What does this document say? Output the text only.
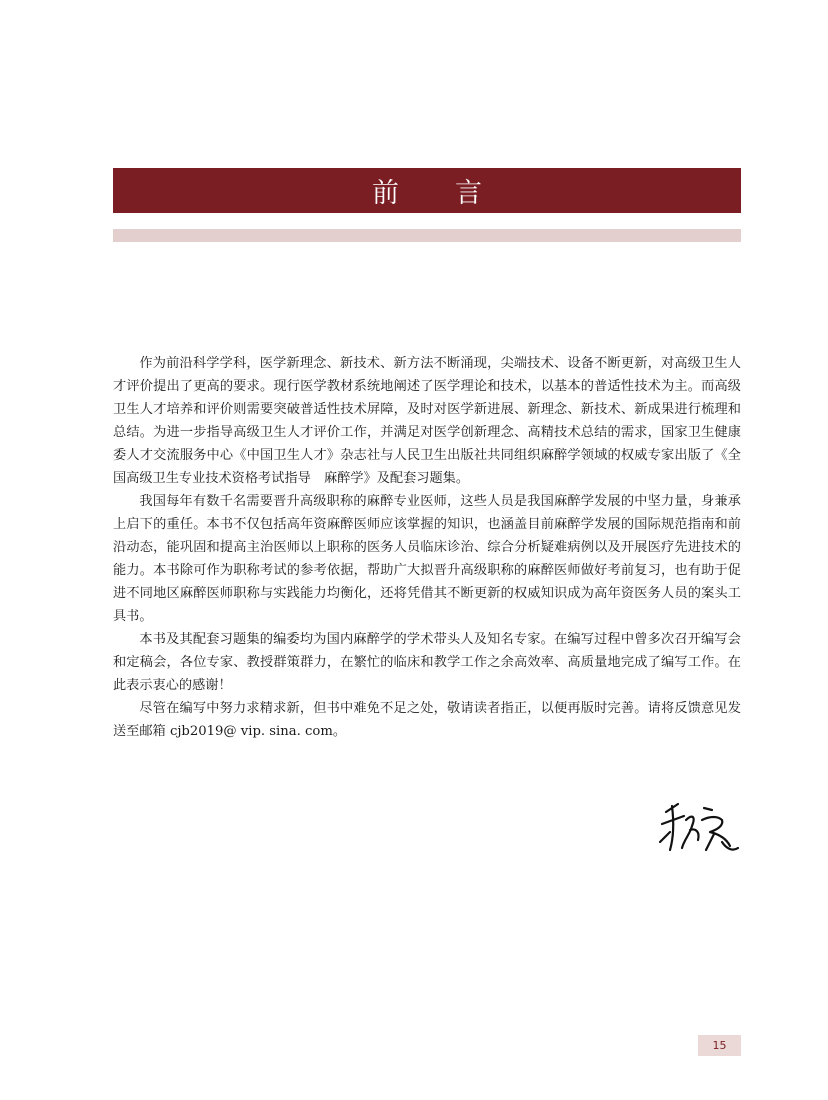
前言

作为前沿科学学科，医学新理念、新技术、新方法不断涌现，尖端技术、设备不断更新，对高级卫生人才评价提出了更高的要求。现行医学教材系统地阐述了医学理论和技术，以基本的普适性技术为主。而高级卫生人才培养和评价则需要突破普适性技术屏障，及时对医学新进展、新理念、新技术、新成果进行梳理和总结。为进一步指导高级卫生人才评价工作，并满足对医学创新理念、高精技术总结的需求，国家卫生健康委人才交流服务中心《中国卫生人才》杂志社与人民卫生出版社共同组织麻醉学领域的权威专家出版了《全国高级卫生专业技术资格考试指导　麻醉学》及配套习题集。

我国每年有数千名需要晋升高级职称的麻醉专业医师，这些人员是我国麻醉学发展的中坚力量，身兼承上启下的重任。本书不仅包括高年资麻醉医师应该掌握的知识，也涵盖目前麻醉学发展的国际规范指南和前沿动态，能巩固和提高主治医师以上职称的医务人员临床诊治、综合分析疑难病例以及开展医疗先进技术的能力。本书除可作为职称考试的参考依据，帮助广大拟晋升高级职称的麻醉医师做好考前复习，也有助于促进不同地区麻醉医师职称与实践能力均衡化，还将凭借其不断更新的权威知识成为高年资医务人员的案头工具书。

本书及其配套习题集的编委均为国内麻醉学的学术带头人及知名专家。在编写过程中曾多次召开编写会和定稿会，各位专家、教授群策群力，在繁忙的临床和教学工作之余高效率、高质量地完成了编写工作。在此表示衷心的感谢！

尽管在编写中努力求精求新，但书中难免不足之处，敬请读者指正，以便再版时完善。请将反馈意见发送至邮箱 cjb2019@ vip. sina. com。

15
